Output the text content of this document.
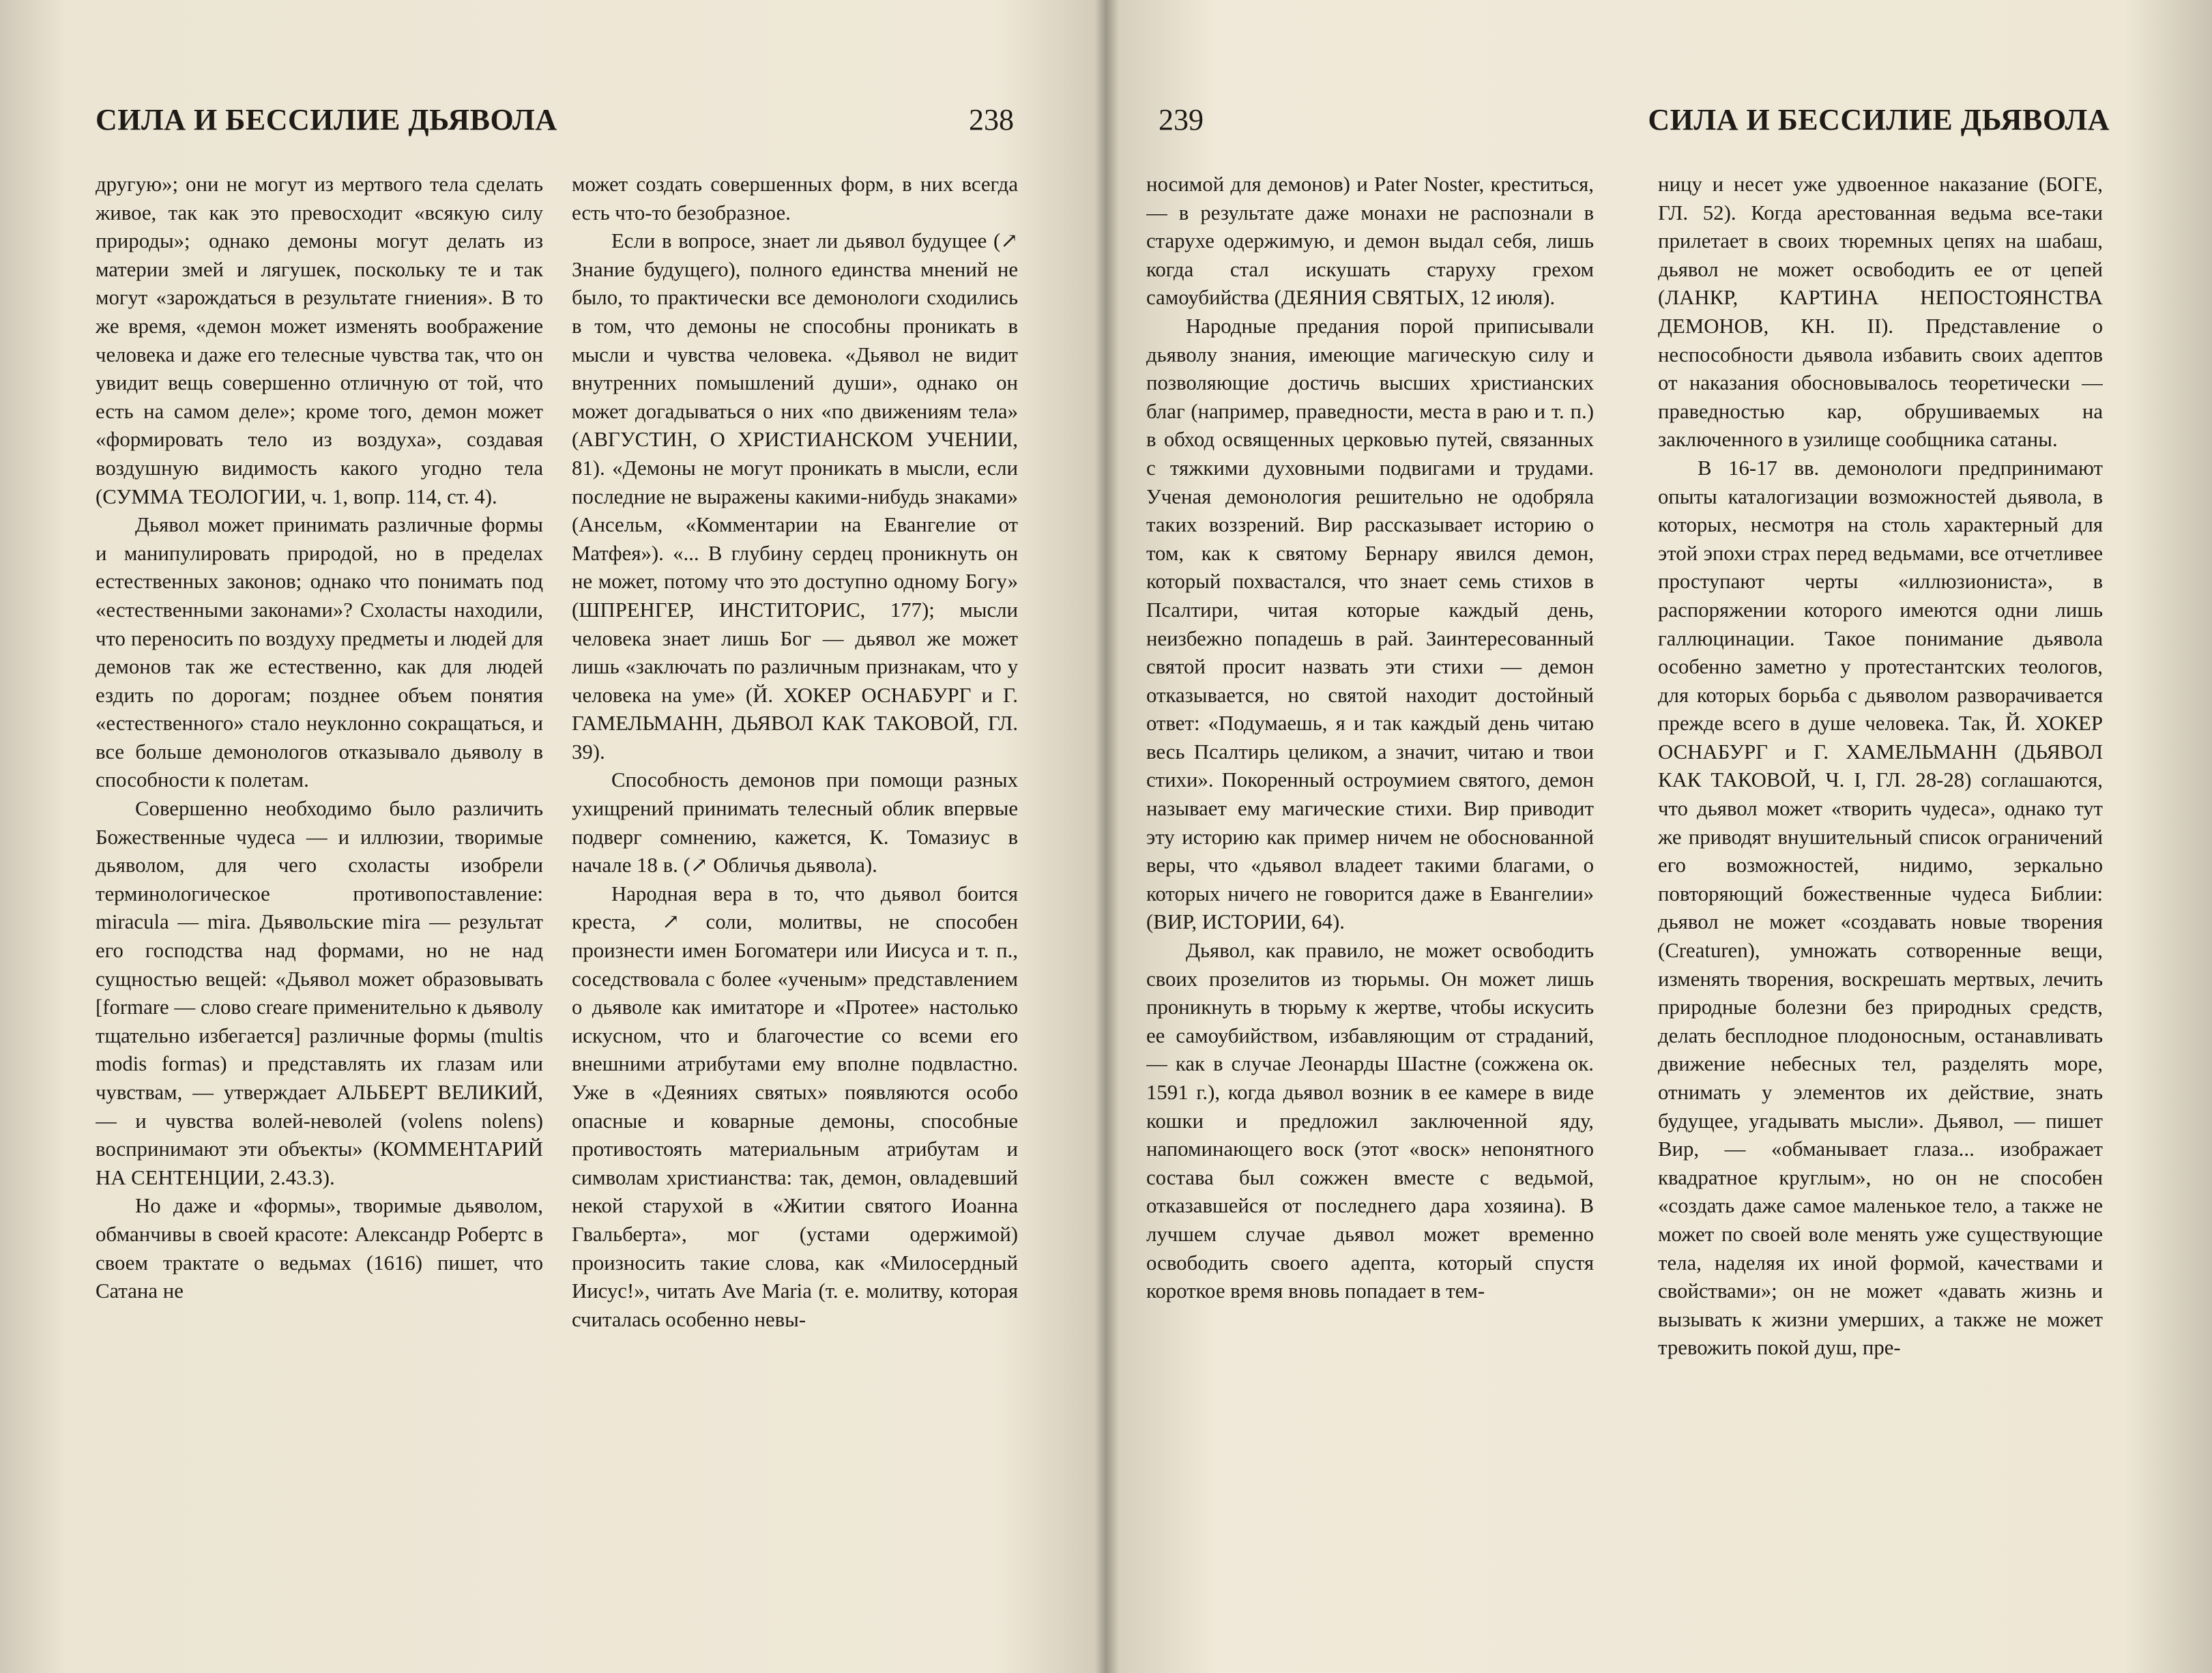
СИЛА И БЕССИЛИЕ ДЬЯВОЛА	238

другую»; они не могут из мертвого тела сделать живое, так как это превосходит «всякую силу природы»; однако демоны могут делать из материи змей и лягушек, поскольку те и так могут «зарождаться в результате гниения». В то же время, «демон может изменять воображение человека и даже его телесные чувства так, что он увидит вещь совершенно отличную от той, что есть на самом деле»; кроме того, демон может «формировать тело из воздуха», создавая воздушную видимость какого угодно тела (СУММА ТЕОЛОГИИ, ч. 1, вопр. 114, ст. 4).

Дьявол может принимать различные формы и манипулировать природой, но в пределах естественных законов; однако что понимать под «естественными законами»? Схоласты находили, что переносить по воздуху предметы и людей для демонов так же естественно, как для людей ездить по дорогам; позднее объем понятия «естественного» стало неуклонно сокращаться, и все больше демонологов отказывало дьяволу в способности к полетам.

Совершенно необходимо было различить Божественные чудеса — и иллюзии, творимые дьяволом, для чего схоласты изобрели терминологическое противопоставление: miracula — mira. Дьявольские mira — результат его господства над формами, но не над сущностью вещей: «Дьявол может образовывать [formare — слово creare применительно к дьяволу тщательно избегается] различные формы (multis modis formas) и представлять их глазам или чувствам, — утверждает АЛЬБЕРТ ВЕЛИКИЙ, — и чувства волей-неволей (volens nolens) воспринимают эти объекты» (КОММЕНТАРИЙ НА СЕНТЕНЦИИ, 2.43.3).

Но даже и «формы», творимые дьяволом, обманчивы в своей красоте: Александр Робертс в своем трактате о ведьмах (1616) пишет, что Сатана не

может создать совершенных форм, в них всегда есть что-то безобразное.

Если в вопросе, знает ли дьявол будущее (↗ Знание будущего), полного единства мнений не было, то практически все демонологи сходились в том, что демоны не способны проникать в мысли и чувства человека. «Дьявол не видит внутренних помышлений души», однако он может догадываться о них «по движениям тела» (АВГУСТИН, О ХРИСТИАНСКОМ УЧЕНИИ, 81). «Демоны не могут проникать в мысли, если последние не выражены какими-нибудь знаками» (Ансельм, «Комментарии на Евангелие от Матфея»). «... В глубину сердец проникнуть он не может, потому что это доступно одному Богу» (ШПРЕНГЕР, ИНСТИТОРИС, 177); мысли человека знает лишь Бог — дьявол же может лишь «заключать по различным признакам, что у человека на уме» (Й. ХОКЕР ОСНАБУРГ и Г. ГАМЕЛЬМАНН, ДЬЯВОЛ КАК ТАКОВОЙ, ГЛ. 39).

Способность демонов при помощи разных ухищрений принимать телесный облик впервые подверг сомнению, кажется, К. Томазиус в начале 18 в. (↗ Обличья дьявола).

Народная вера в то, что дьявол боится креста, ↗ соли, молитвы, не способен произнести имен Богоматери или Иисуса и т. п., соседствовала с более «ученым» представлением о дьяволе как имитаторе и «Протее» настолько искусном, что и благочестие со всеми его внешними атрибутами ему вполне подвластно. Уже в «Деяниях святых» появляются особо опасные и коварные демоны, способные противостоять материальным атрибутам и символам христианства: так, демон, овладевший некой старухой в «Житии святого Иоанна Гвальберта», мог (устами одержимой) произносить такие слова, как «Милосердный Иисус!», читать Ave Maria (т. е. молитву, которая считалась особенно невы-

239	СИЛА И БЕССИЛИЕ ДЬЯВОЛА

носимой для демонов) и Pater Noster, креститься, — в результате даже монахи не распознали в старухе одержимую, и демон выдал себя, лишь когда стал искушать старуху грехом самоубийства (ДЕЯНИЯ СВЯТЫХ, 12 июля).

Народные предания порой приписывали дьяволу знания, имеющие магическую силу и позволяющие достичь высших христианских благ (например, праведности, места в раю и т. п.) в обход освященных церковью путей, связанных с тяжкими духовными подвигами и трудами. Ученая демонология решительно не одобряла таких воззрений. Вир рассказывает историю о том, как к святому Бернару явился демон, который похвастался, что знает семь стихов в Псалтири, читая которые каждый день, неизбежно попадешь в рай. Заинтересованный святой просит назвать эти стихи — демон отказывается, но святой находит достойный ответ: «Подумаешь, я и так каждый день читаю весь Псалтирь целиком, а значит, читаю и твои стихи». Покоренный остроумием святого, демон называет ему магические стихи. Вир приводит эту историю как пример ничем не обоснованной веры, что «дьявол владеет такими благами, о которых ничего не говорится даже в Евангелии» (ВИР, ИСТОРИИ, 64).

Дьявол, как правило, не может освободить своих прозелитов из тюрьмы. Он может лишь проникнуть в тюрьму к жертве, чтобы искусить ее самоубийством, избавляющим от страданий, — как в случае Леонарды Шастне (сожжена ок. 1591 г.), когда дьявол возник в ее камере в виде кошки и предложил заключенной яду, напоминающего воск (этот «воск» непонятного состава был сожжен вместе с ведьмой, отказавшейся от последнего дара хозяина). В лучшем случае дьявол может временно освободить своего адепта, который спустя короткое время вновь попадает в тем-

ницу и несет уже удвоенное наказание (БОГЕ, ГЛ. 52). Когда арестованная ведьма все-таки прилетает в своих тюремных цепях на шабаш, дьявол не может освободить ее от цепей (ЛАНКР, КАРТИНА НЕПОСТОЯНСТВА ДЕМОНОВ, КН. II). Представление о неспособности дьявола избавить своих адептов от наказания обосновывалось теоретически — праведностью кар, обрушиваемых на заключенного в узилище сообщника сатаны.

В 16-17 вв. демонологи предпринимают опыты каталогизации возможностей дьявола, в которых, несмотря на столь характерный для этой эпохи страх перед ведьмами, все отчетливее проступают черты «иллюзиониста», в распоряжении которого имеются одни лишь галлюцинации. Такое понимание дьявола особенно заметно у протестантских теологов, для которых борьба с дьяволом разворачивается прежде всего в душе человека. Так, Й. ХОКЕР ОСНАБУРГ и Г. ХАМЕЛЬМАНН (ДЬЯВОЛ КАК ТАКОВОЙ, Ч. I, ГЛ. 28-28) соглашаются, что дьявол может «творить чудеса», однако тут же приводят внушительный список ограничений его возможностей, нидимо, зеркально повторяющий божественные чудеса Библии: дьявол не может «создавать новые творения (Creaturen), умножать сотворенные вещи, изменять творения, воскрешать мертвых, лечить природные болезни без природных средств, делать бесплодное плодоносным, останавливать движение небесных тел, разделять море, отнимать у элементов их действие, знать будущее, угадывать мысли». Дьявол, — пишет Вир, — «обманывает глаза... изображает квадратное круглым», но он не способен «создать даже самое маленькое тело, а также не может по своей воле менять уже существующие тела, наделяя их иной формой, качествами и свойствами»; он не может «давать жизнь и вызывать к жизни умерших, а также не может тревожить покой душ, пре-
